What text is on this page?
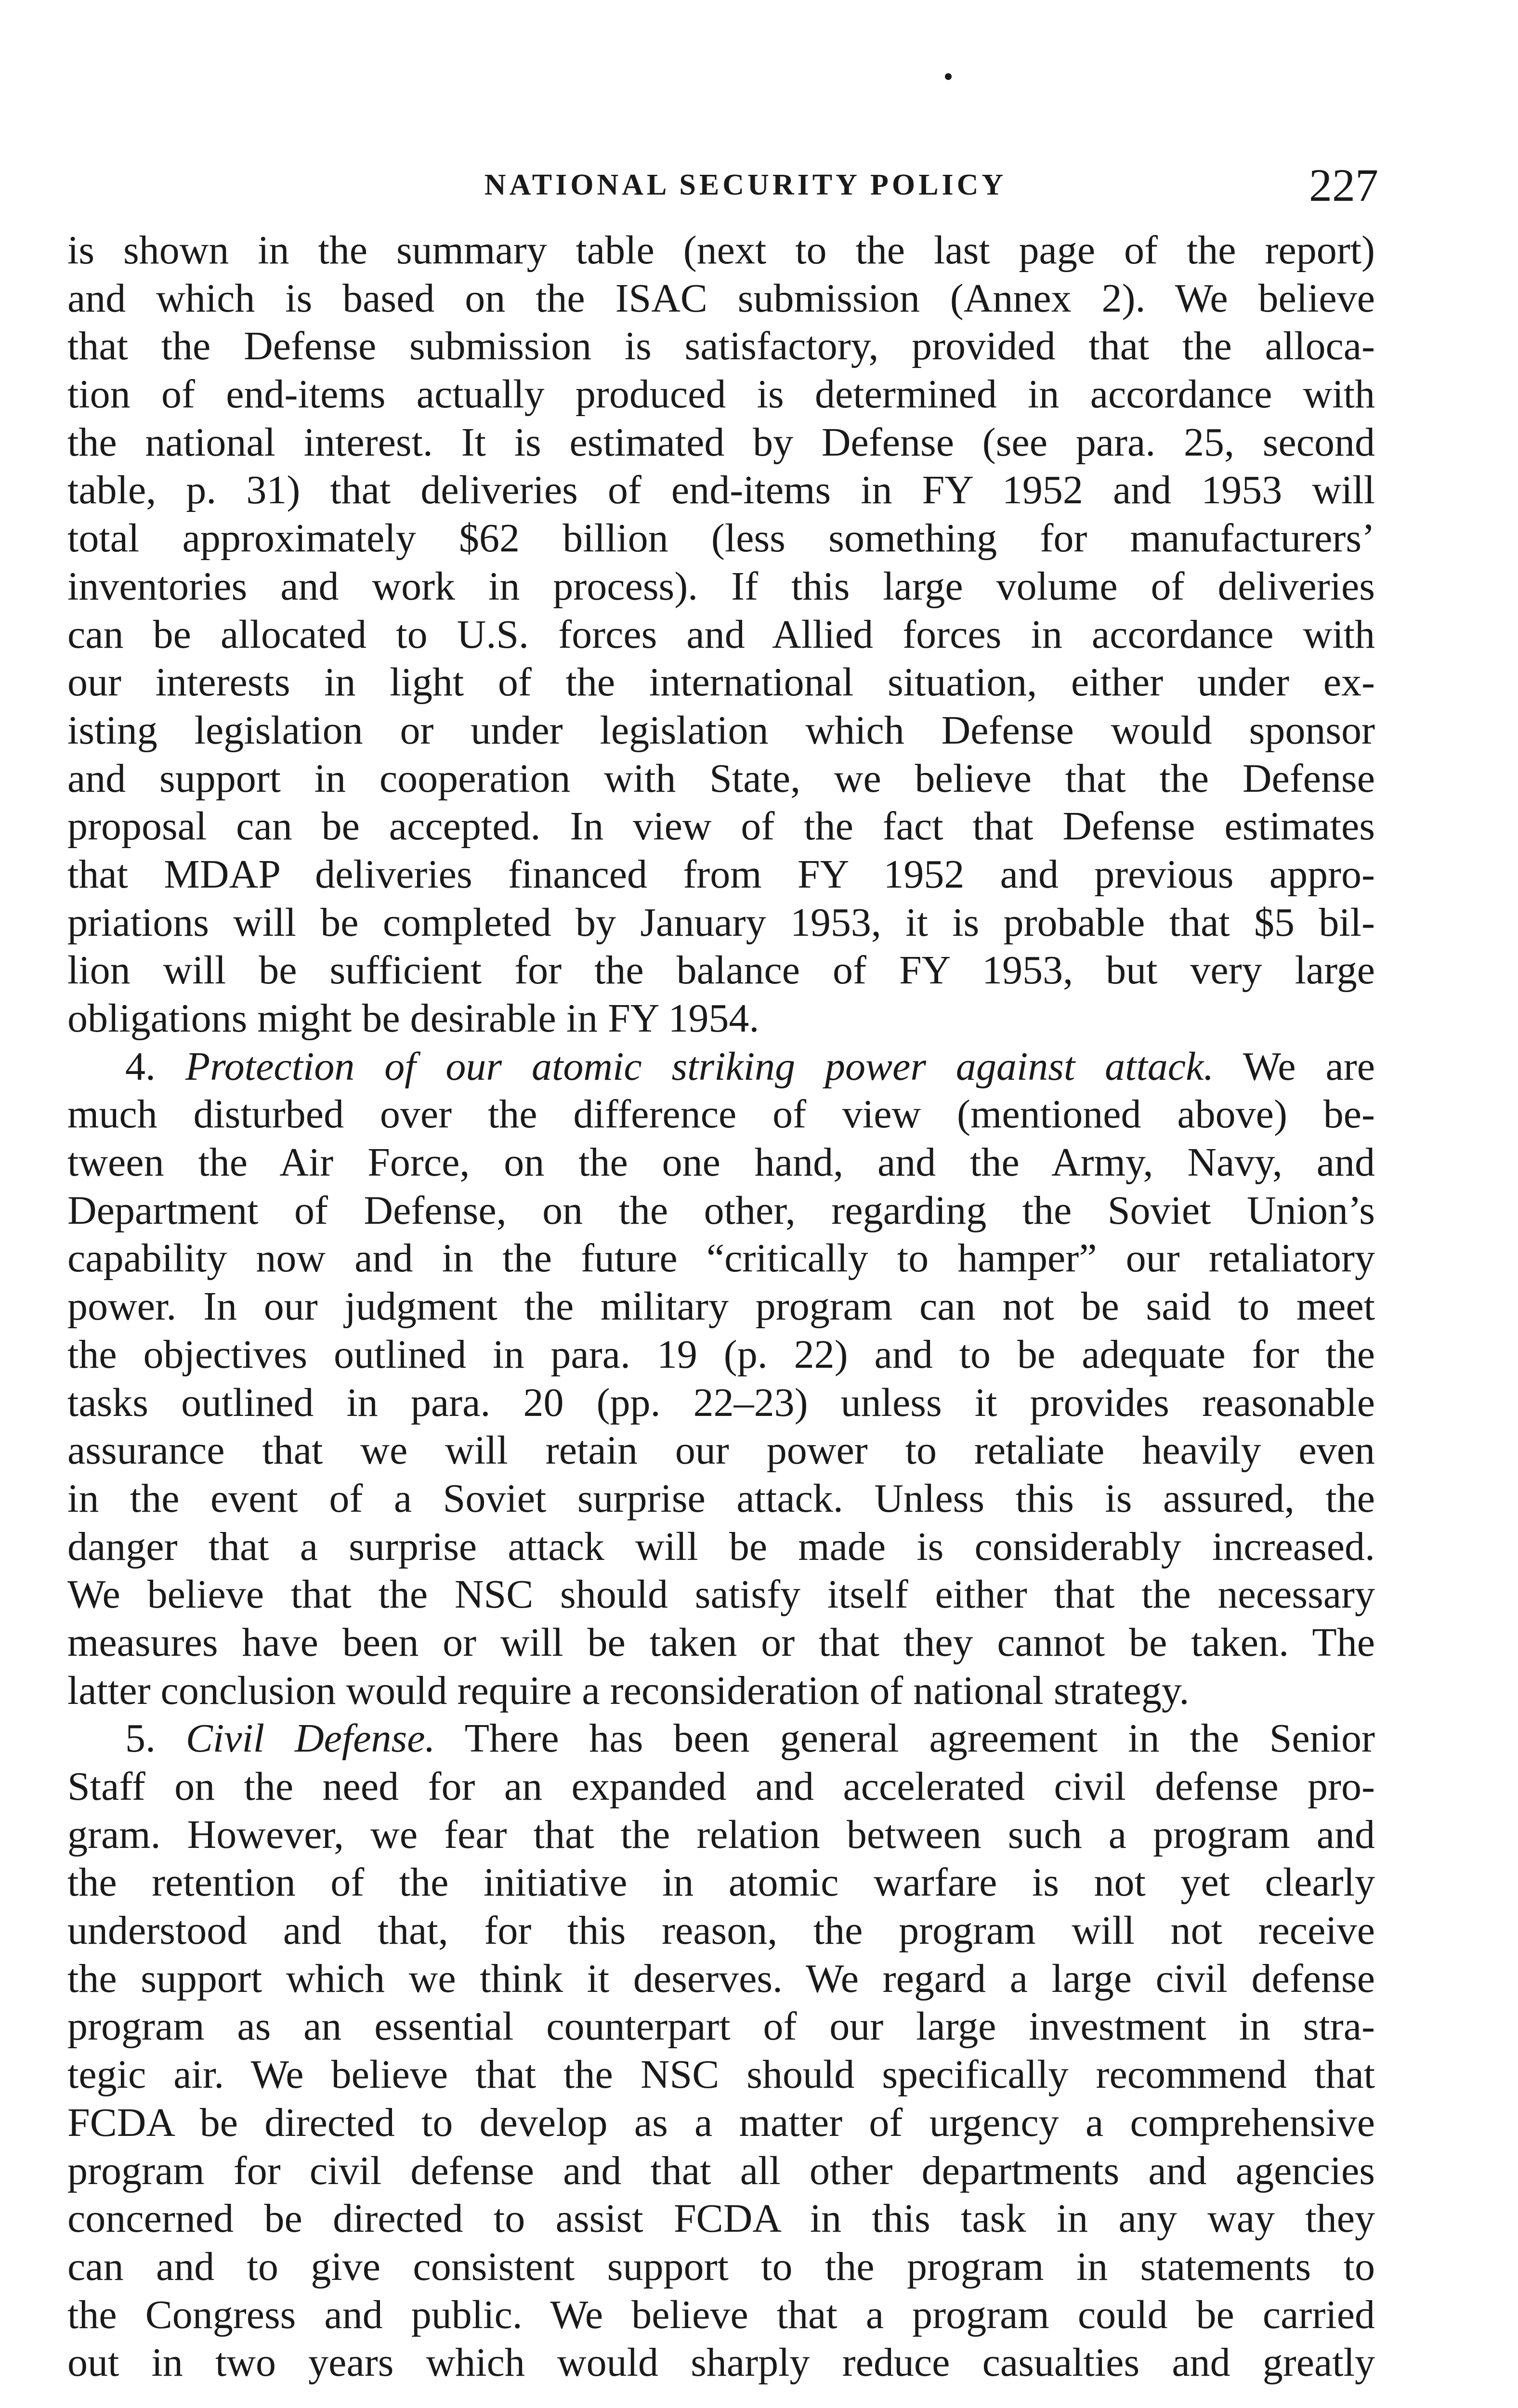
NATIONAL SECURITY POLICY	227
is shown in the summary table (next to the last page of the report)
and which is based on the ISAC submission (Annex 2). We believe
that the Defense submission is satisfactory, provided that the alloca-
tion of end-items actually produced is determined in accordance with
the national interest. It is estimated by Defense (see para. 25, second
table, p. 31) that deliveries of end-items in FY 1952 and 1953 will
total approximately $62 billion (less something for manufacturers’
inventories and work in process). If this large volume of deliveries
can be allocated to U.S. forces and Allied forces in accordance with
our interests in light of the international situation, either under ex-
isting legislation or under legislation which Defense would sponsor
and support in cooperation with State, we believe that the Defense
proposal can be accepted. In view of the fact that Defense estimates
that MDAP deliveries financed from FY 1952 and previous appro-
priations will be completed by January 1953, it is probable that $5 bil-
lion will be sufficient for the balance of FY 1953, but very large
obligations might be desirable in FY 1954.
4. Protection of our atomic striking power against attack. We are
much disturbed over the difference of view (mentioned above) be-
tween the Air Force, on the one hand, and the Army, Navy, and
Department of Defense, on the other, regarding the Soviet Union’s
capability now and in the future “critically to hamper” our retaliatory
power. In our judgment the military program can not be said to meet
the objectives outlined in para. 19 (p. 22) and to be adequate for the
tasks outlined in para. 20 (pp. 22–23) unless it provides reasonable
assurance that we will retain our power to retaliate heavily even
in the event of a Soviet surprise attack. Unless this is assured, the
danger that a surprise attack will be made is considerably increased.
We believe that the NSC should satisfy itself either that the necessary
measures have been or will be taken or that they cannot be taken. The
latter conclusion would require a reconsideration of national strategy.
5. Civil Defense. There has been general agreement in the Senior
Staff on the need for an expanded and accelerated civil defense pro-
gram. However, we fear that the relation between such a program and
the retention of the initiative in atomic warfare is not yet clearly
understood and that, for this reason, the program will not receive
the support which we think it deserves. We regard a large civil defense
program as an essential counterpart of our large investment in stra-
tegic air. We believe that the NSC should specifically recommend that
FCDA be directed to develop as a matter of urgency a comprehensive
program for civil defense and that all other departments and agencies
concerned be directed to assist FCDA in this task in any way they
can and to give consistent support to the program in statements to
the Congress and public. We believe that a program could be carried
out in two years which would sharply reduce casualties and greatly
